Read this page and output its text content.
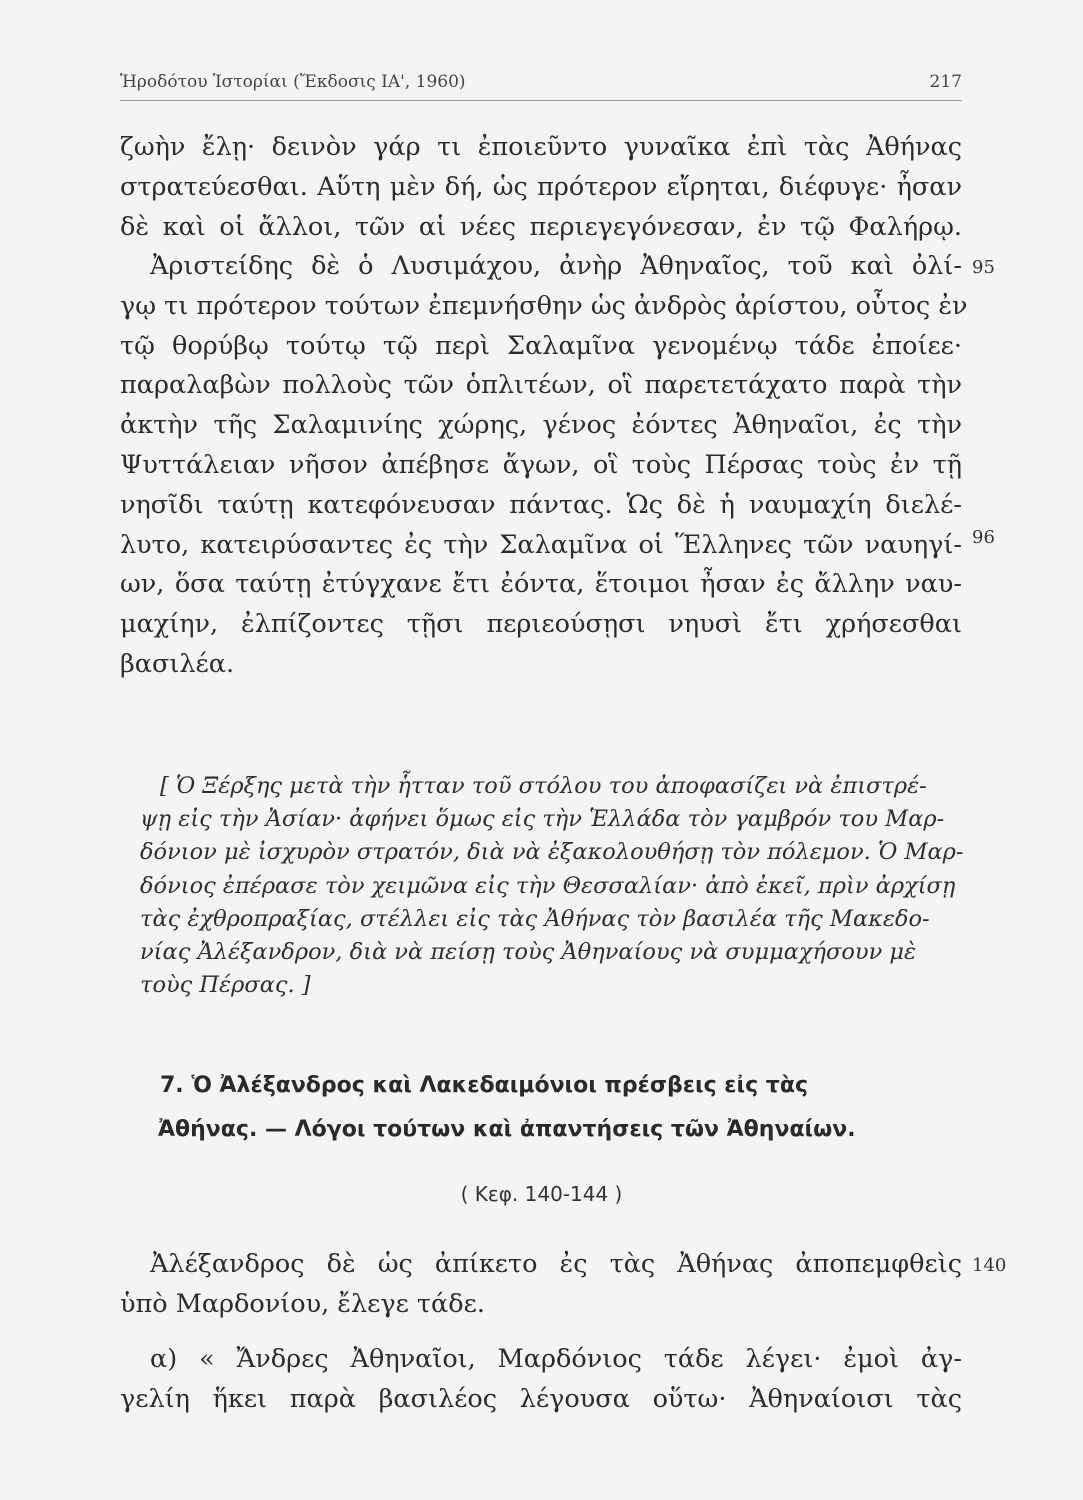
Ἡροδότου Ἱστορίαι (Ἔκδοσις ΙΑ', 1960)	217
ζωὴν ἔλῃ· δεινὸν γάρ τι ἐποιεῦντο γυναῖκα ἐπὶ τὰς Ἀθήνας
στρατεύεσθαι. Αὕτη μὲν δή, ὡς πρότερον εἴρηται, διέφυγε· ἦσαν
δὲ καὶ οἱ ἄλλοι, τῶν αἱ νέες περιεγεγόνεσαν, ἐν τῷ Φαλήρῳ.
Ἀριστείδης δὲ ὁ Λυσιμάχου, ἀνὴρ Ἀθηναῖος, τοῦ καὶ ὀλί-
γῳ τι πρότερον τούτων ἐπεμνήσθην ὡς ἀνδρὸς ἀρίστου, οὗτος ἐν
τῷ θορύβῳ τούτῳ τῷ περὶ Σαλαμῖνα γενομένῳ τάδε ἐποίεε·
παραλαβὼν πολλοὺς τῶν ὁπλιτέων, οἳ παρετετάχατο παρὰ τὴν
ἀκτὴν τῆς Σαλαμινίης χώρης, γένος ἐόντες Ἀθηναῖοι, ἐς τὴν
Ψυττάλειαν νῆσον ἀπέβησε ἄγων, οἳ τοὺς Πέρσας τοὺς ἐν τῇ
νησῖδι ταύτῃ κατεφόνευσαν πάντας. Ὡς δὲ ἡ ναυμαχίη διελέ-
λυτο, κατειρύσαντες ἐς τὴν Σαλαμῖνα οἱ Ἕλληνες τῶν ναυηγί-
ων, ὅσα ταύτῃ ἐτύγχανε ἔτι ἐόντα, ἕτοιμοι ἦσαν ἐς ἄλλην ναυ-
μαχίην, ἐλπίζοντες τῇσι περιεούσῃσι νηυσὶ ἔτι χρήσεσθαι
βασιλέα.
95
96
140
[ Ὁ Ξέρξης μετὰ τὴν ἧτταν τοῦ στόλου του ἀποφασίζει νὰ ἐπιστρέ-
ψῃ εἰς τὴν Ἀσίαν· ἀφήνει ὅμως εἰς τὴν Ἑλλάδα τὸν γαμβρόν του Μαρ-
δόνιον μὲ ἰσχυρὸν στρατόν, διὰ νὰ ἐξακολουθήσῃ τὸν πόλεμον. Ὁ Μαρ-
δόνιος ἐπέρασε τὸν χειμῶνα εἰς τὴν Θεσσαλίαν· ἀπὸ ἐκεῖ, πρὶν ἀρχίσῃ
τὰς ἐχθροπραξίας, στέλλει εἰς τὰς Ἀθήνας τὸν βασιλέα τῆς Μακεδο-
νίας Ἀλέξανδρον, διὰ νὰ πείσῃ τοὺς Ἀθηναίους νὰ συμμαχήσουν μὲ
τοὺς Πέρσας. ]
7. Ὁ Ἀλέξανδρος καὶ Λακεδαιμόνιοι πρέσβεις εἰς τὰς
Ἀθήνας. — Λόγοι τούτων καὶ ἀπαντήσεις τῶν Ἀθηναίων.
( Κεφ. 140-144 )
Ἀλέξανδρος δὲ ὡς ἀπίκετο ἐς τὰς Ἀθήνας ἀποπεμφθεὶς
ὑπὸ Μαρδονίου, ἔλεγε τάδε.
α) « Ἄνδρες Ἀθηναῖοι, Μαρδόνιος τάδε λέγει· ἐμοὶ ἀγ-
γελίη ἥκει παρὰ βασιλέος λέγουσα οὕτω· Ἀθηναίοισι τὰς
